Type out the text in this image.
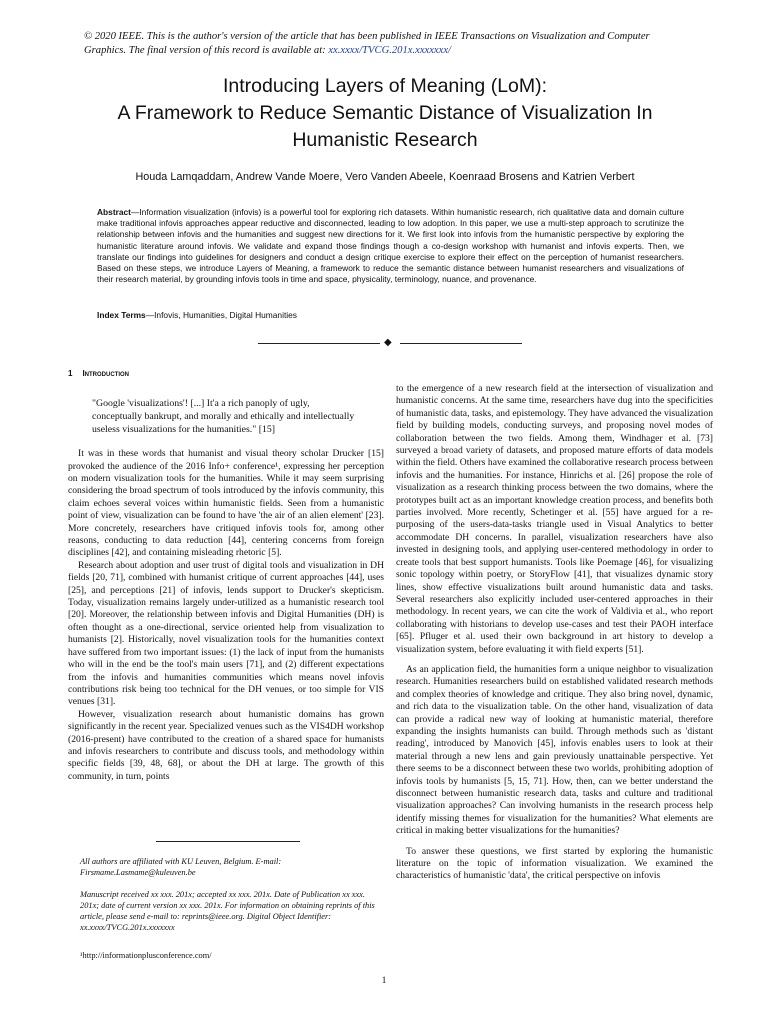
© 2020 IEEE. This is the author's version of the article that has been published in IEEE Transactions on Visualization and Computer Graphics. The final version of this record is available at: xx.xxxx/TVCG.201x.xxxxxxx/
Introducing Layers of Meaning (LoM):
A Framework to Reduce Semantic Distance of Visualization In
Humanistic Research
Houda Lamqaddam, Andrew Vande Moere, Vero Vanden Abeele, Koenraad Brosens and Katrien Verbert
Abstract—Information visualization (infovis) is a powerful tool for exploring rich datasets. Within humanistic research, rich qualitative data and domain culture make traditional infovis approaches appear reductive and disconnected, leading to low adoption. In this paper, we use a multi-step approach to scrutinize the relationship between infovis and the humanities and suggest new directions for it. We first look into infovis from the humanistic perspective by exploring the humanistic literature around infovis. We validate and expand those findings though a co-design workshop with humanist and infovis experts. Then, we translate our findings into guidelines for designers and conduct a design critique exercise to explore their effect on the perception of humanist researchers. Based on these steps, we introduce Layers of Meaning, a framework to reduce the semantic distance between humanist researchers and visualizations of their research material, by grounding infovis tools in time and space, physicality, terminology, nuance, and provenance.
Index Terms—Infovis, Humanities, Digital Humanities
◆
1 Introduction
"Google 'visualizations'! [...] It'a a rich panoply of ugly, conceptually bankrupt, and morally and ethically and intellectually useless visualizations for the humanities." [15]

It was in these words that humanist and visual theory scholar Drucker [15] provoked the audience of the 2016 Info+ conference¹, expressing her perception on modern visualization tools for the humanities. While it may seem surprising considering the broad spectrum of tools introduced by the infovis community, this claim echoes several voices within humanistic fields. Seen from a humanistic point of view, visualization can be found to have 'the air of an alien element' [23]. More concretely, researchers have critiqued infovis tools for, among other reasons, conducting to data reduction [44], centering concerns from foreign disciplines [42], and containing misleading rhetoric [5].

Research about adoption and user trust of digital tools and visualization in DH fields [20, 71], combined with humanist critique of current approaches [44], uses [25], and perceptions [21] of infovis, lends support to Drucker's skepticism. Today, visualization remains largely under-utilized as a humanistic research tool [20]. Moreover, the relationship between infovis and Digital Humanities (DH) is often thought as a one-directional, service oriented help from visualization to humanists [2]. Historically, novel visualization tools for the humanities context have suffered from two important issues: (1) the lack of input from the humanists who will in the end be the tool's main users [71], and (2) different expectations from the infovis and humanities communities which means novel infovis contributions risk being too technical for the DH venues, or too simple for VIS venues [31].

However, visualization research about humanistic domains has grown significantly in the recent year. Specialized venues such as the VIS4DH workshop (2016-present) have contributed to the creation of a shared space for humanists and infovis researchers to contribute and discuss tools, and methodology within specific fields [39, 48, 68], or about the DH at large. The growth of this community, in turn, points

to the emergence of a new research field at the intersection of visualization and humanistic concerns. At the same time, researchers have dug into the specificities of humanistic data, tasks, and epistemology. They have advanced the visualization field by building models, conducting surveys, and proposing novel modes of collaboration between the two fields. Among them, Windhager et al. [73] surveyed a broad variety of datasets, and proposed mature efforts of data models within the field. Others have examined the collaborative research process between infovis and the humanities. For instance, Hinrichs et al. [26] propose the role of visualization as a research thinking process between the two domains, where the prototypes built act as an important knowledge creation process, and benefits both parties involved. More recently, Schetinger et al. [55] have argued for a re-purposing of the users-data-tasks triangle used in Visual Analytics to better accommodate DH concerns. In parallel, visualization researchers have also invested in designing tools, and applying user-centered methodology in order to create tools that best support humanists. Tools like Poemage [46], for visualizing sonic topology within poetry, or StoryFlow [41], that visualizes dynamic story lines, show effective visualizations built around humanistic data and tasks. Several researchers also explicitly included user-centered approaches in their methodology. In recent years, we can cite the work of Valdivia et al., who report collaborating with historians to develop use-cases and test their PAOH interface [65]. Pfluger et al. used their own background in art history to develop a visualization system, before evaluating it with field experts [51].

As an application field, the humanities form a unique neighbor to visualization research. Humanities researchers build on established validated research methods and complex theories of knowledge and critique. They also bring novel, dynamic, and rich data to the visualization table. On the other hand, visualization of data can provide a radical new way of looking at humanistic material, therefore expanding the insights humanists can build. Through methods such as 'distant reading', introduced by Manovich [45], infovis enables users to look at their material through a new lens and gain previously unattainable perspective. Yet there seems to be a disconnect between these two worlds, prohibiting adoption of infovis tools by humanists [5, 15, 71]. How, then, can we better understand the disconnect between humanistic research data, tasks and culture and traditional visualization approaches? Can involving humanists in the research process help identify missing themes for visualization for the humanities? What elements are critical in making better visualizations for the humanities?

To answer these questions, we first started by exploring the humanistic literature on the topic of information visualization. We examined the characteristics of humanistic 'data', the critical perspective on infovis

All authors are affiliated with KU Leuven, Belgium. E-mail: Firsmame.Lasmame@kuleuven.be
Manuscript received xx xxx. 201x; accepted xx xxx. 201x. Date of Publication xx xxx. 201x; date of current version xx xxx. 201x. For information on obtaining reprints of this article, please send e-mail to: reprints@ieee.org. Digital Object Identifier: xx.xxxx/TVCG.201x.xxxxxxx
¹http://informationplusconference.com/
1
